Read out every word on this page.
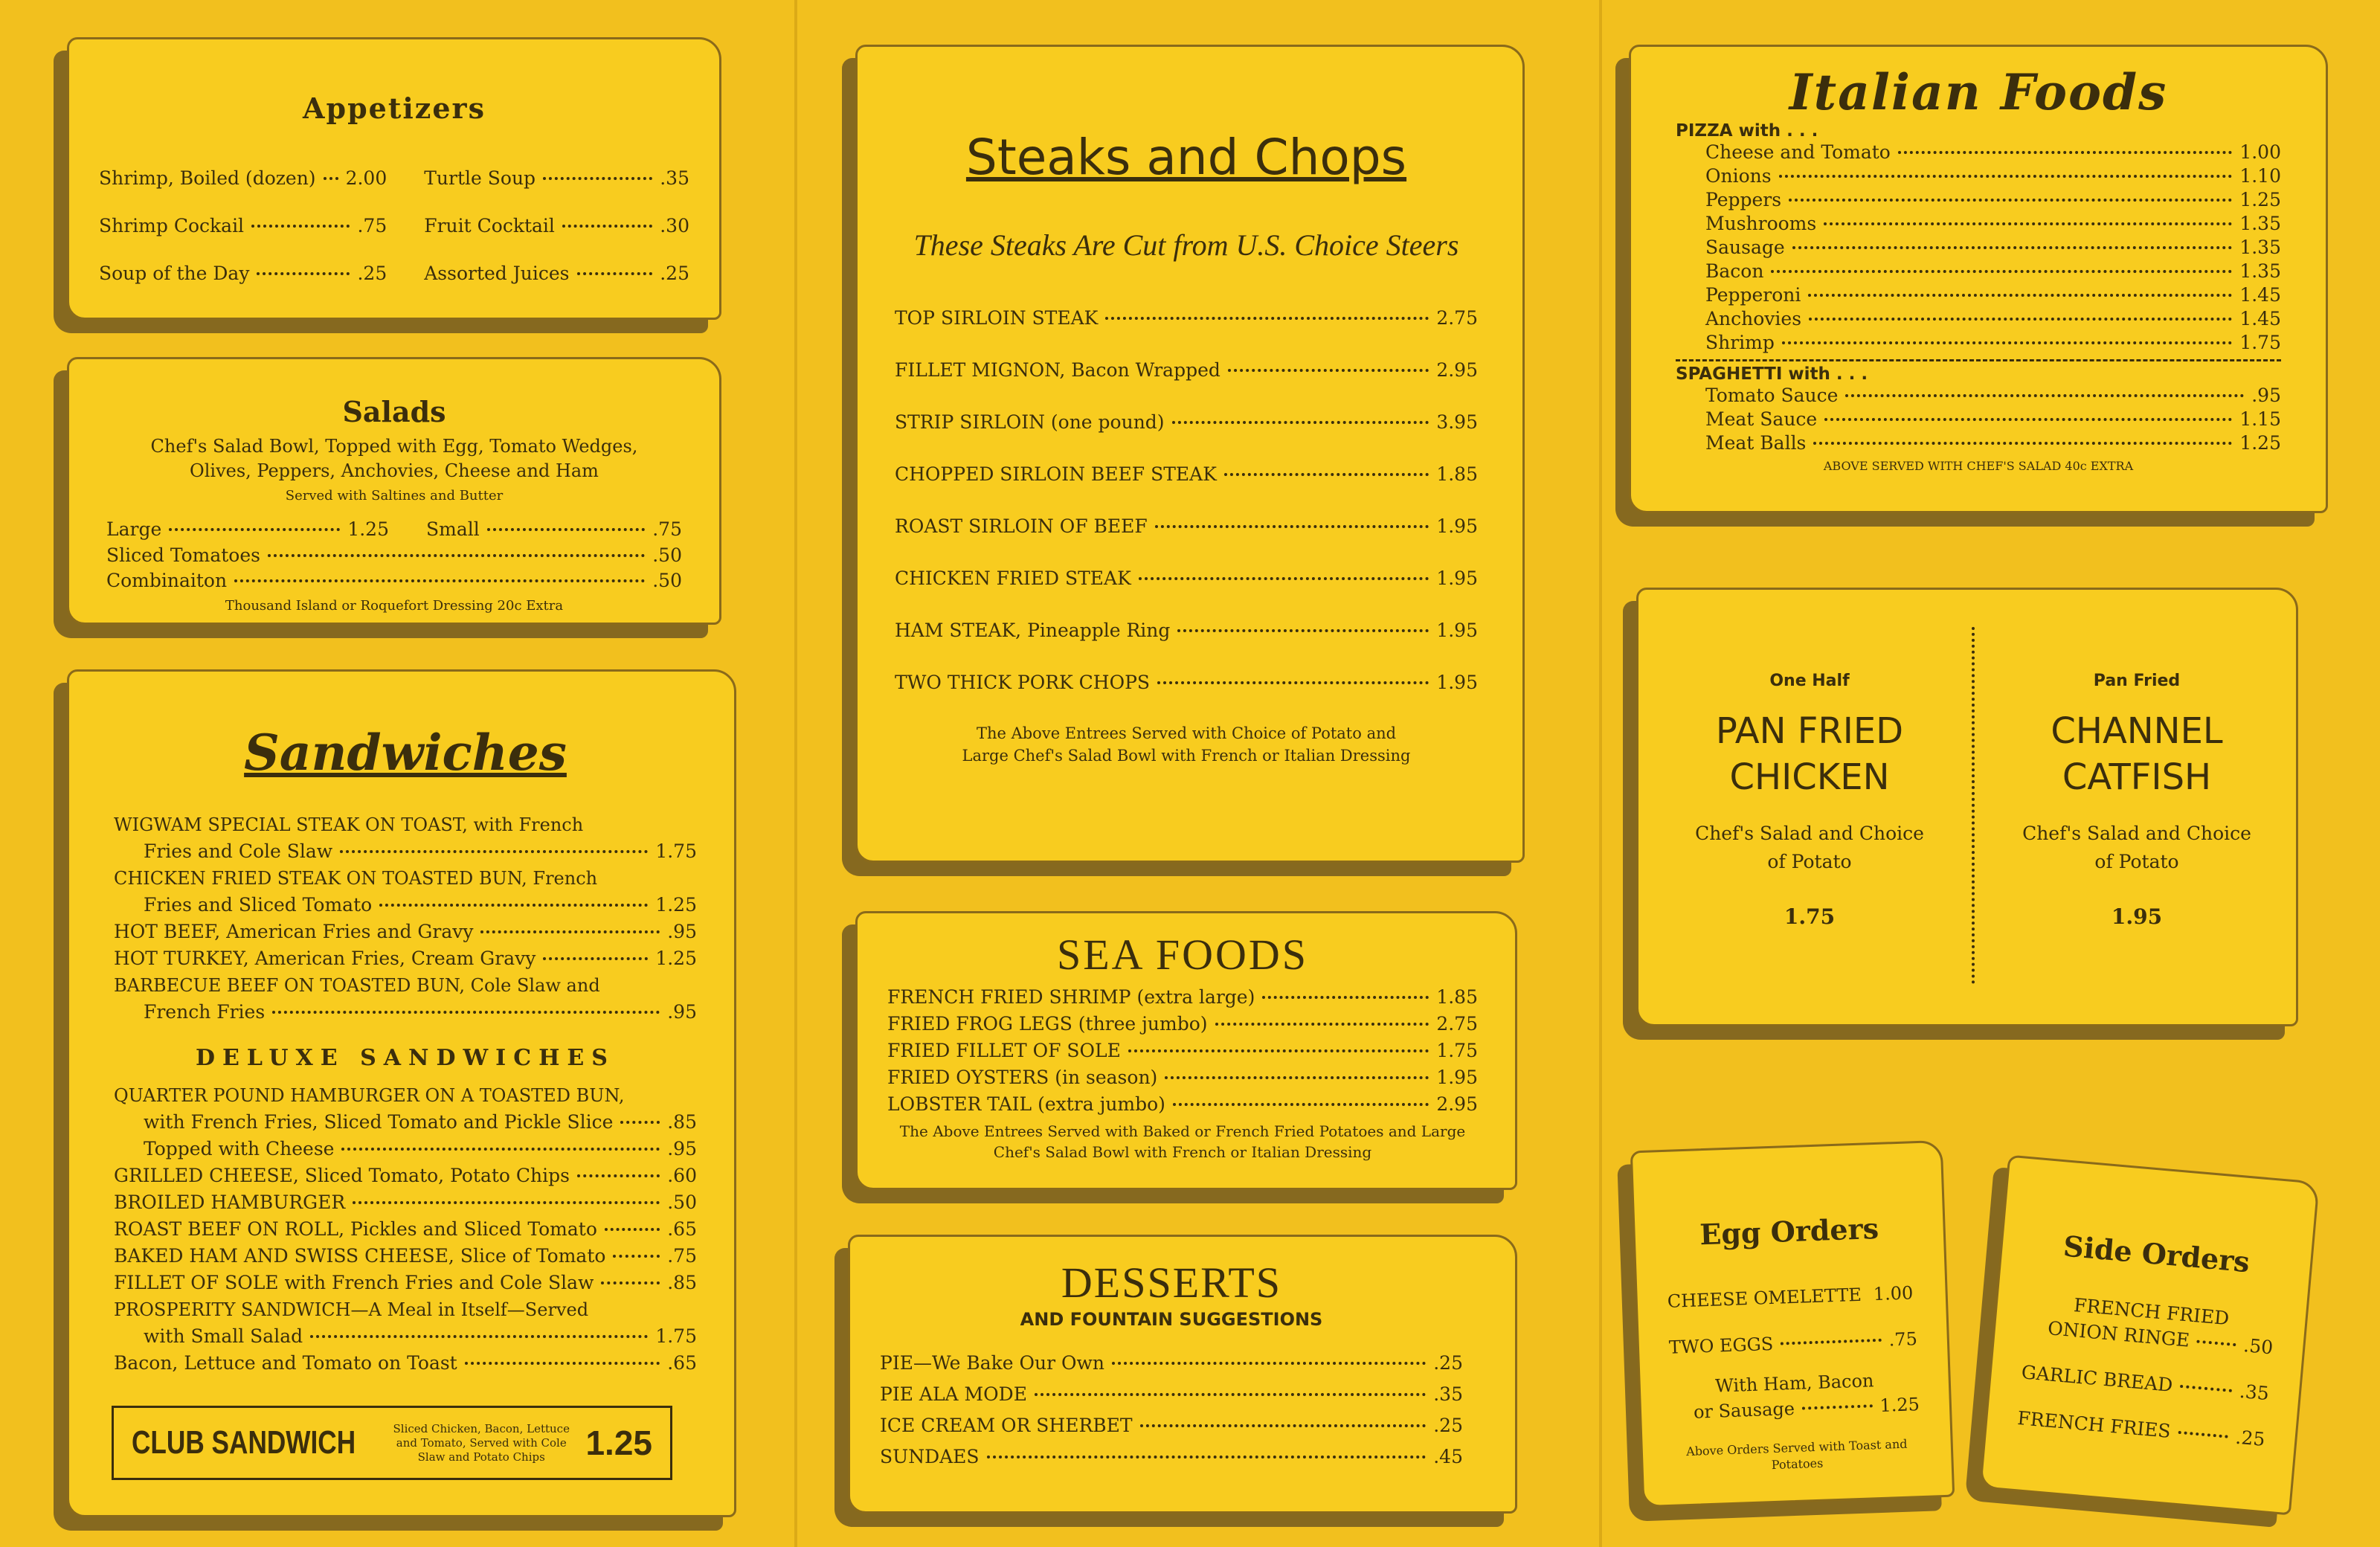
Appetizers
Shrimp, Boiled (dozen) 2.00
Shrimp Cockail	.75
Soup of the Day	.25
Turtle Soup	.35
Fruit Cocktail	.30
Assorted Juices	.25
Salads
Chef's Salad Bowl, Topped with Egg, Tomato Wedges, Olives, Peppers, Anchovies, Cheese and Ham
Served with Saltines and Butter
Large	1.25 Small	.75
Sliced Tomatoes	.50
Combinaiton	.50
Thousand Island or Roquefort Dressing 20c Extra
Sandwiches
WIGWAM SPECIAL STEAK ON TOAST, with French
Fries and Cole Slaw	1.75
CHICKEN FRIED STEAK ON TOASTED BUN, French
Fries and Sliced Tomato	1.25
HOT BEEF, American Fries and Gravy	.95
HOT TURKEY, American Fries, Cream Gravy	1.25
BARBECUE BEEF ON TOASTED BUN, Cole Slaw and
French Fries	.95
DELUXE SANDWICHES
QUARTER POUND HAMBURGER ON A TOASTED BUN,
with French Fries, Sliced Tomato and Pickle Slice	.85
Topped with Cheese	.95
GRILLED CHEESE, Sliced Tomato, Potato Chips	.60
BROILED HAMBURGER	.50
ROAST BEEF ON ROLL, Pickles and Sliced Tomato	.65
BAKED HAM AND SWISS CHEESE, Slice of Tomato	.75
FILLET OF SOLE with French Fries and Cole Slaw	.85
PROSPERITY SANDWICH—A Meal in Itself—Served
with Small Salad	1.75
Bacon, Lettuce and Tomato on Toast	.65
CLUB SANDWICH	Sliced Chicken, Bacon, Lettuce and Tomato, Served with Cole Slaw and Potato Chips	1.25
Steaks and Chops
These Steaks Are Cut from U.S. Choice Steers
TOP SIRLOIN STEAK	2.75
FILLET MIGNON, Bacon Wrapped	2.95
STRIP SIRLOIN (one pound)	3.95
CHOPPED SIRLOIN BEEF STEAK	1.85
ROAST SIRLOIN OF BEEF	1.95
CHICKEN FRIED STEAK	1.95
HAM STEAK, Pineapple Ring	1.95
TWO THICK PORK CHOPS	1.95
The Above Entrees Served with Choice of Potato and Large Chef's Salad Bowl with French or Italian Dressing
SEA FOODS
FRENCH FRIED SHRIMP (extra large)	1.85
FRIED FROG LEGS (three jumbo)	2.75
FRIED FILLET OF SOLE	1.75
FRIED OYSTERS (in season)	1.95
LOBSTER TAIL (extra jumbo)	2.95
The Above Entrees Served with Baked or French Fried Potatoes and Large Chef's Salad Bowl with French or Italian Dressing
DESSERTS
AND FOUNTAIN SUGGESTIONS
PIE—We Bake Our Own	.25
PIE ALA MODE	.35
ICE CREAM OR SHERBET	.25
SUNDAES	.45
Italian Foods
PIZZA with . . .
Cheese and Tomato	1.00
Onions	1.10
Peppers	1.25
Mushrooms	1.35
Sausage	1.35
Bacon	1.35
Pepperoni	1.45
Anchovies	1.45
Shrimp	1.75
SPAGHETTI with . . .
Tomato Sauce	.95
Meat Sauce	1.15
Meat Balls	1.25
ABOVE SERVED WITH CHEF'S SALAD 40c EXTRA
One Half
PAN FRIED
CHICKEN
Chef's Salad and Choice
of Potato
1.75
Pan Fried
CHANNEL
CATFISH
Chef's Salad and Choice
of Potato
1.95
Egg Orders
CHEESE OMELETTE 1.00
TWO EGGS	.75
With Ham, Bacon
or Sausage	1.25
Above Orders Served with Toast and Potatoes
Side Orders
FRENCH FRIED
ONION RINGE	.50
GARLIC BREAD	.35
FRENCH FRIES	.25
